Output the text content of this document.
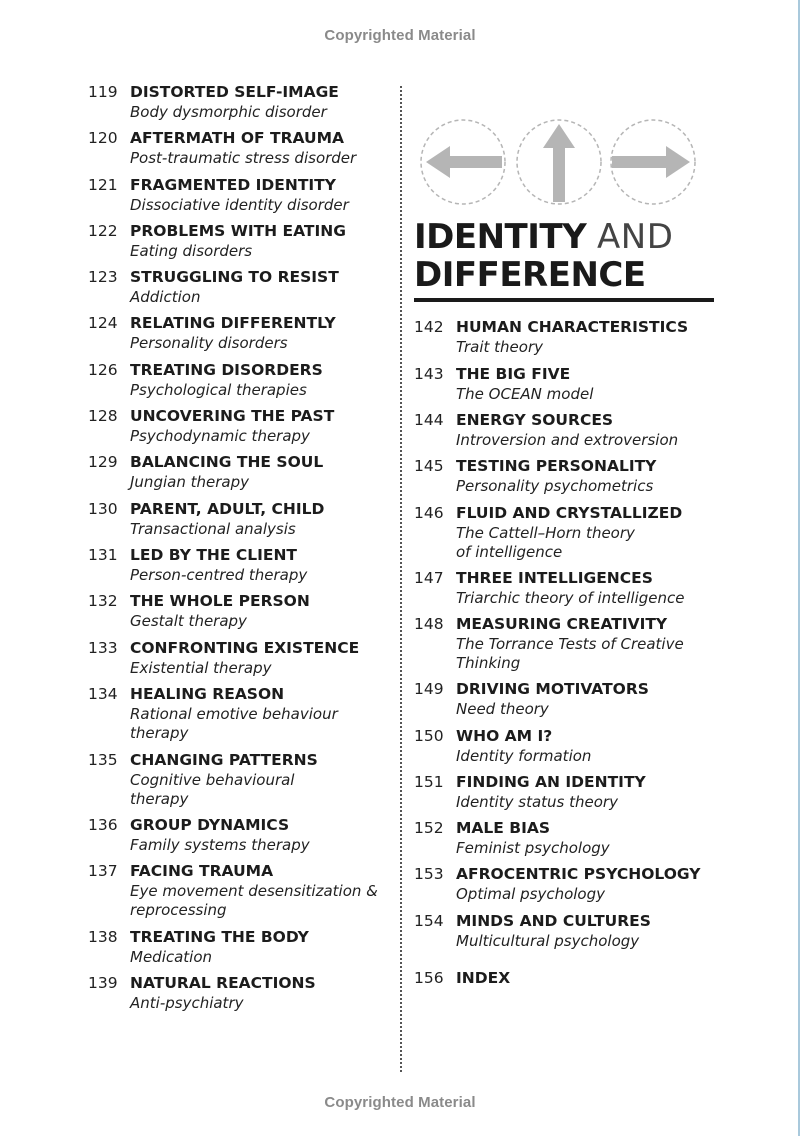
Copyrighted Material
119 DISTORTED SELF-IMAGE
Body dysmorphic disorder
120 AFTERMATH OF TRAUMA
Post-traumatic stress disorder
121 FRAGMENTED IDENTITY
Dissociative identity disorder
122 PROBLEMS WITH EATING
Eating disorders
123 STRUGGLING TO RESIST
Addiction
124 RELATING DIFFERENTLY
Personality disorders
126 TREATING DISORDERS
Psychological therapies
128 UNCOVERING THE PAST
Psychodynamic therapy
129 BALANCING THE SOUL
Jungian therapy
130 PARENT, ADULT, CHILD
Transactional analysis
131 LED BY THE CLIENT
Person-centred therapy
132 THE WHOLE PERSON
Gestalt therapy
133 CONFRONTING EXISTENCE
Existential therapy
134 HEALING REASON
Rational emotive behaviour
therapy
135 CHANGING PATTERNS
Cognitive behavioural
therapy
136 GROUP DYNAMICS
Family systems therapy
137 FACING TRAUMA
Eye movement desensitization &
reprocessing
138 TREATING THE BODY
Medication
139 NATURAL REACTIONS
Anti-psychiatry
IDENTITY AND
DIFFERENCE
142 HUMAN CHARACTERISTICS
Trait theory
143 THE BIG FIVE
The OCEAN model
144 ENERGY SOURCES
Introversion and extroversion
145 TESTING PERSONALITY
Personality psychometrics
146 FLUID AND CRYSTALLIZED
The Cattell–Horn theory
of intelligence
147 THREE INTELLIGENCES
Triarchic theory of intelligence
148 MEASURING CREATIVITY
The Torrance Tests of Creative
Thinking
149 DRIVING MOTIVATORS
Need theory
150 WHO AM I?
Identity formation
151 FINDING AN IDENTITY
Identity status theory
152 MALE BIAS
Feminist psychology
153 AFROCENTRIC PSYCHOLOGY
Optimal psychology
154 MINDS AND CULTURES
Multicultural psychology
156 INDEX
Copyrighted Material
